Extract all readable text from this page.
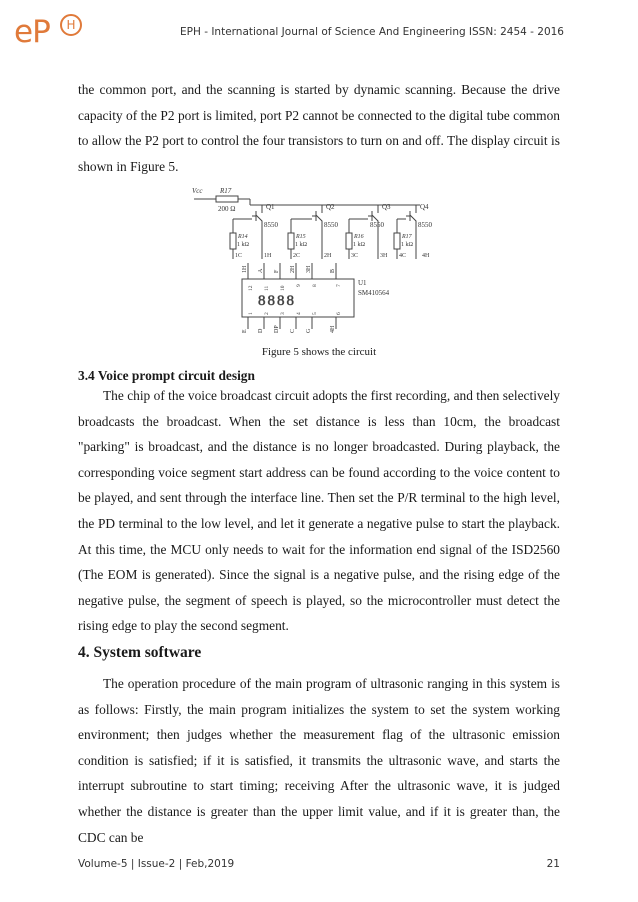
eP	H	EPH - International Journal of Science And Engineering ISSN: 2454 - 2016

the common port, and the scanning is started by dynamic scanning. Because the drive capacity of the P2 port is limited, port P2 cannot be connected to the digital tube common to allow the P2 port to control the four transistors to turn on and off. The display circuit is shown in Figure 5.

Vcc	R17
200 Ω	Q1
8550
Q2
8550
Q3
8550
Q4
8550
R14
1 kΩ
R15
1 kΩ
R16
1 kΩ
R17
1 kΩ
1C	1H	2C	2H	3C	3H 4C	4H
1H A F 2H 3H	B
12 11 10 9 8	7
8888
U1
SM410564
1 2 3 4 5	6
E D DP C G	4H
Figure 5 shows the circuit
3.4 Voice prompt circuit design

The chip of the voice broadcast circuit adopts the first recording, and then selectively broadcasts the broadcast. When the set distance is less than 10cm, the broadcast "parking" is broadcast, and the distance is no longer broadcasted. During playback, the corresponding voice segment start address can be found according to the voice content to be played, and sent through the interface line. Then set the P/R terminal to the high level, the PD terminal to the low level, and let it generate a negative pulse to start the playback. At this time, the MCU only needs to wait for the information end signal of the ISD2560 (The EOM is generated). Since the signal is a negative pulse, and the rising edge of the negative pulse, the segment of speech is played, so the microcontroller must detect the rising edge to play the second segment.

4. System software

The operation procedure of the main program of ultrasonic ranging in this system is as follows: Firstly, the main program initializes the system to set the system working environment; then judges whether the measurement flag of the ultrasonic emission condition is satisfied; if it is satisfied, it transmits the ultrasonic wave, and starts the interrupt subroutine to start timing; receiving After the ultrasonic wave, it is judged whether the distance is greater than the upper limit value, and if it is greater than, the CDC can be

Volume-5 | Issue-2 | Feb,2019	21
